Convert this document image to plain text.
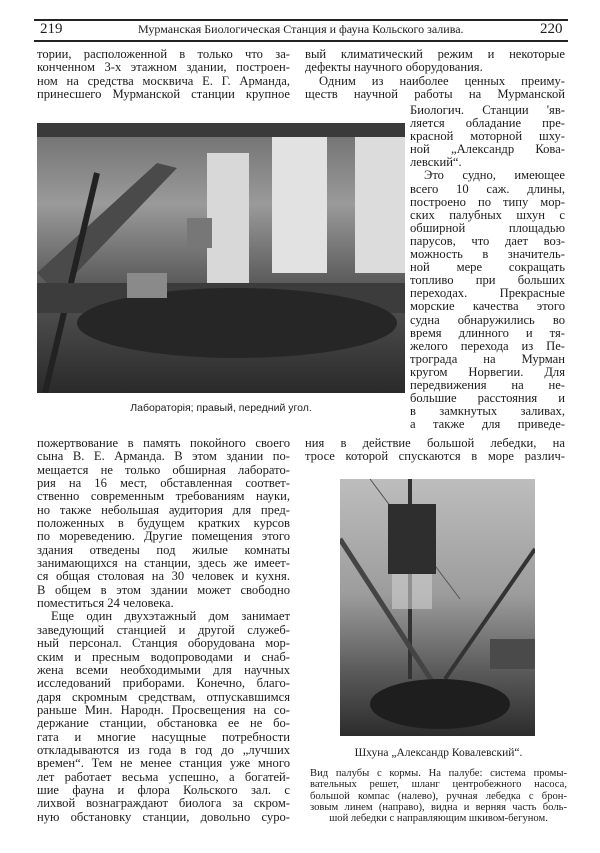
219	Мурманская Биологическая Станция и фауна Кольского залива.	220
тории, расположенной в только что за-
конченном 3-х этажном здании, построен-
ном на средства москвича Е. Г. Арманда,
принесшего Мурманской станции крупное
вый климатический режим и некоторые
дефекты научного оборудования.
Одним из наиболее ценных преиму-
ществ научной работы на Мурманской
Лабораторія; правый, передний угол.
Биологич. Станции 'яв-
ляется обладание пре-
красной моторной шху-
ной „Александр Кова-
левский“.
Это судно, имеющее
всего 10 саж. длины,
построено по типу мор-
ских палубных шхун с
обширной площадью
парусов, что дает воз-
можность в значитель-
ной мере сокращать
топливо при больших
переходах. Прекрасные
морские качества этого
судна обнаружились во
время длинного и тя-
желого перехода из Пе-
трограда на Мурман
кругом Норвегии. Для
передвижения на не-
большие расстояния и
в замкнутых заливах,
а также для приведе-
ния в действие большой лебедки, на
тросе которой спускаются в море различ-
пожертвование в память покойного своего
сына В. Е. Арманда. В этом здании по-
мещается не только обширная лаборато-
рия на 16 мест, обставленная соответ-
ственно современным требованиям науки,
но также небольшая аудитория для пред-
положенных в будущем кратких курсов
по мореведению. Другие помещения этого
здания отведены под жилые комнаты
занимающихся на станции, здесь же имеет-
ся общая столовая на 30 человек и кухня.
В общем в этом здании может свободно
поместиться 24 человека.
Еще один двухэтажный дом занимает
заведующий станцией и другой служеб-
ный персонал. Станция оборудована мор-
ским и пресным водопроводами и снаб-
жена всеми необходимыми для научных
исследований приборами. Конечно, благо-
даря скромным средствам, отпускавшимся
раньше Мин. Народн. Просвещения на со-
держание станции, обстановка ее не бо-
гата и многие насущные потребности
откладываются из года в год до „лучших
времен“. Тем не менее станция уже много
лет работает весьма успешно, а богатей-
шие фауна и флора Кольского зал. с
лихвой вознаграждают биолога за скром-
ную обстановку станции, довольно суро-
Шхуна „Александр Ковалевский“.
Вид палубы с кормы. На палубе: система промы-
вательных решет, шланг центробежного насоса,
большой компас (налево), ручная лебедка с брон-
зовым линем (направо), видна и верняя часть боль-
шой лебедки с направляющим шкивом-бегуном.
